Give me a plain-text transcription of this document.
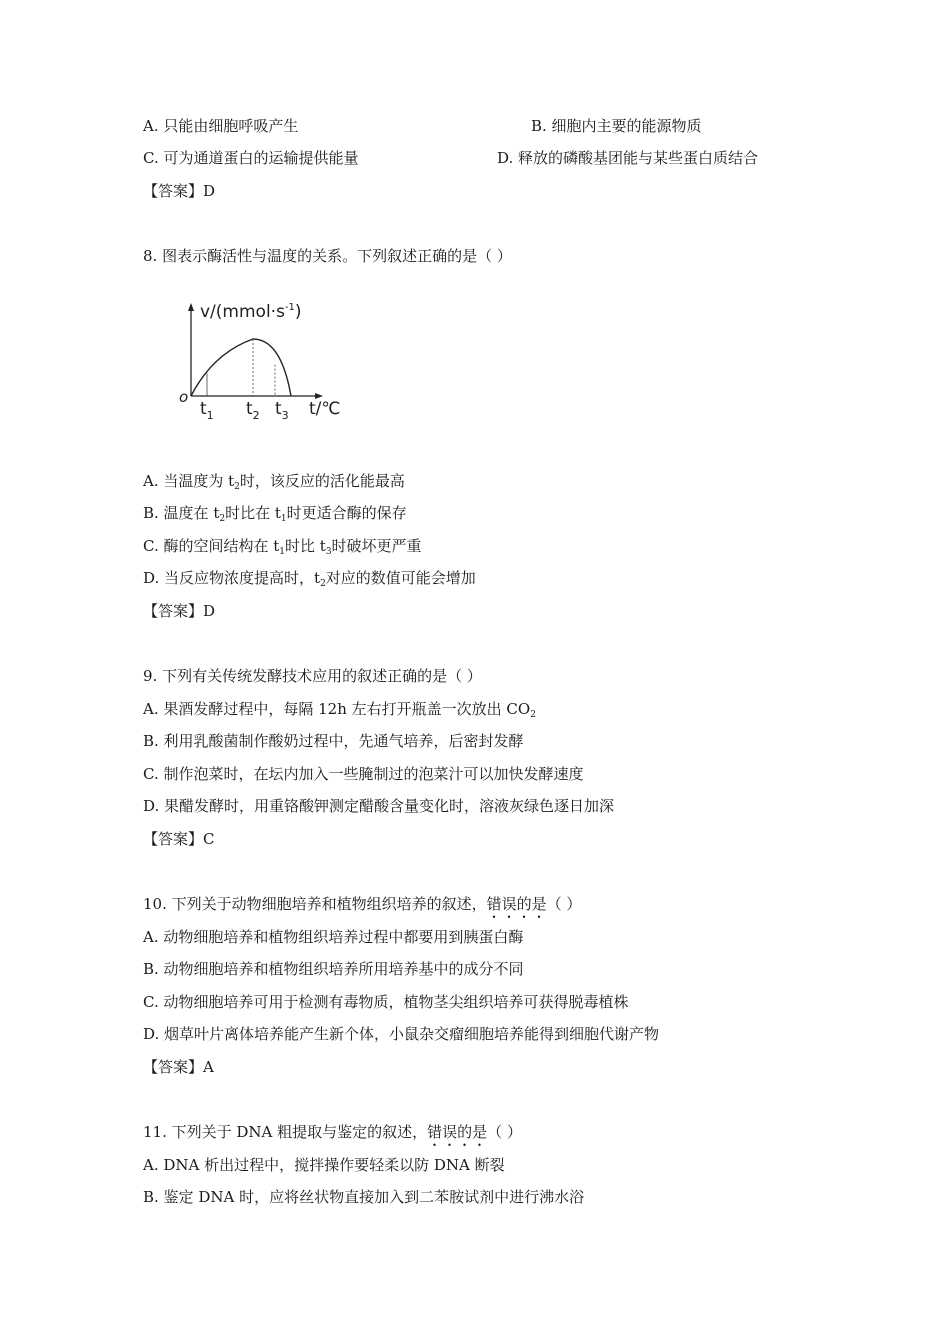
A. 只能由细胞呼吸产生	B. 细胞内主要的能源物质
C. 可为通道蛋白的运输提供能量	D. 释放的磷酸基团能与某些蛋白质结合
【答案】D
8. 图表示酶活性与温度的关系。下列叙述正确的是（ ）
$v/(mmol\cdot s^{-1})$
o
$t_1$ $t_2$ $t_3$ t/℃
A. 当温度为 $t_2$时，该反应的活化能最高
B. 温度在 $t_2$时比在 $t_1$时更适合酶的保存
C. 酶的空间结构在 $t_1$时比 $t_3$时破坏更严重
D. 当反应物浓度提高时，$t_2$对应的数值可能会增加
【答案】D
9. 下列有关传统发酵技术应用的叙述正确的是（ ）
A. 果酒发酵过程中，每隔 12h 左右打开瓶盖一次放出 $CO_2$
B. 利用乳酸菌制作酸奶过程中，先通气培养，后密封发酵
C. 制作泡菜时，在坛内加入一些腌制过的泡菜汁可以加快发酵速度
D. 果醋发酵时，用重铬酸钾测定醋酸含量变化时，溶液灰绿色逐日加深
【答案】C
10. 下列关于动物细胞培养和植物组织培养的叙述，错误的是（ ）
A. 动物细胞培养和植物组织培养过程中都要用到胰蛋白酶
B. 动物细胞培养和植物组织培养所用培养基中的成分不同
C. 动物细胞培养可用于检测有毒物质，植物茎尖组织培养可获得脱毒植株
D. 烟草叶片离体培养能产生新个体，小鼠杂交瘤细胞培养能得到细胞代谢产物
【答案】A
11. 下列关于 DNA 粗提取与鉴定的叙述，错误的是（ ）
A. DNA 析出过程中，搅拌操作要轻柔以防 DNA 断裂
B. 鉴定 DNA 时，应将丝状物直接加入到二苯胺试剂中进行沸水浴
